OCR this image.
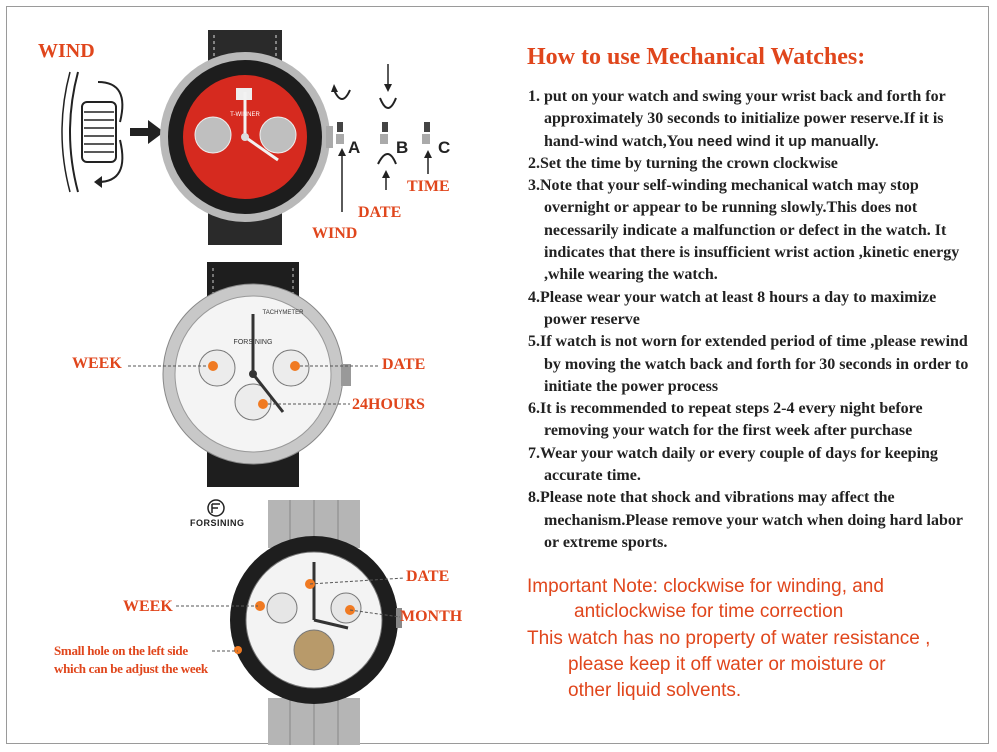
WIND
T-WINNER
A B C
TIME
DATE
WIND
FORSINING
TACHYMETER
WEEK	DATE
24HOURS
FORSINING
DATE
WEEK
MONTH
Small hole on the left side
which can be adjust the week
How to use Mechanical Watches:
1. put on your watch and swing your wrist back and forth for approximately 30 seconds to initialize power reserve.If it is hand-wind watch,You need wind it up manually.
2.Set the time by turning the crown clockwise
3.Note that your self-winding mechanical watch may stop overnight or appear to be running slowly.This does not necessarily indicate a malfunction or defect in the watch. It indicates that there is insufficient wrist action ,kinetic energy ,while wearing the watch.
4.Please wear your watch at least 8 hours a day to maximize power reserve
5.If watch is not worn for extended period of time ,please rewind by moving the watch back and forth for 30 seconds in order to initiate the power process
6.It is recommended to repeat steps 2-4 every night before removing your watch for the first week after purchase
7.Wear your watch daily or every couple of days for keeping accurate time.
8.Please note that shock and vibrations may affect the mechanism.Please remove your watch when doing hard labor or extreme sports.
Important Note: clockwise for winding, and
anticlockwise for time correction
This watch has no property of water resistance ,
please keep it off water or moisture or
other liquid solvents.
